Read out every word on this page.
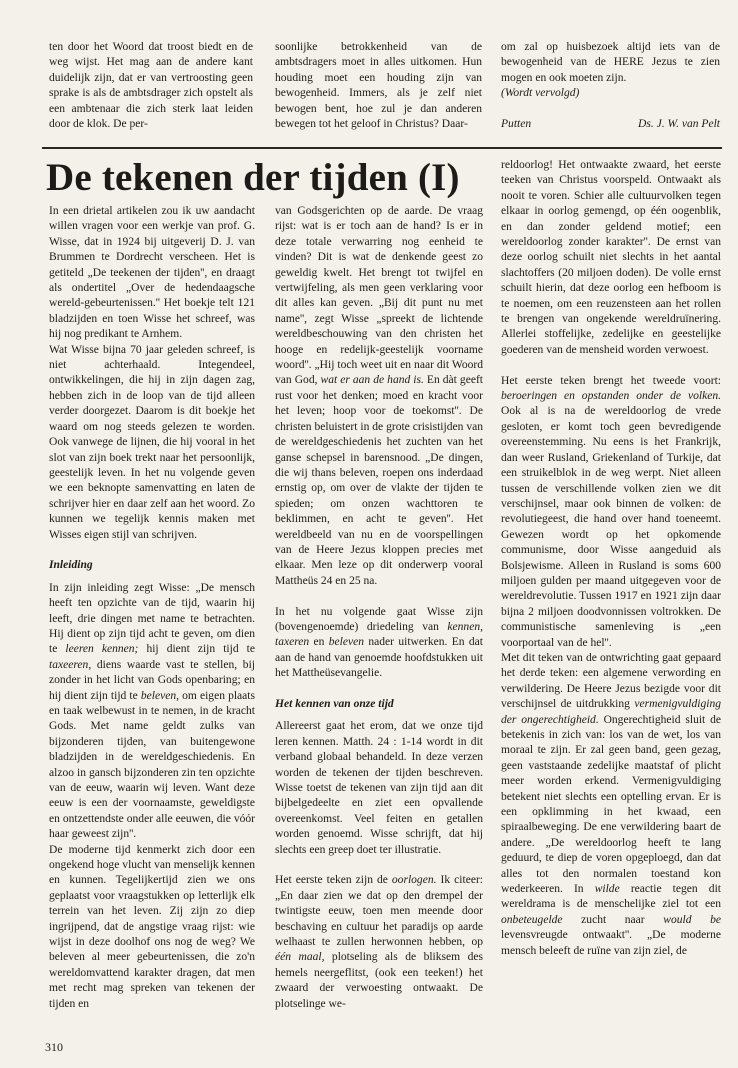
ten door het Woord dat troost biedt en de weg wijst. Het mag aan de andere kant duidelijk zijn, dat er van vertroosting geen sprake is als de ambtsdrager zich opstelt als een ambtenaar die zich sterk laat leiden door de klok. De per-

soonlijke betrokkenheid van de ambtsdragers moet in alles uitkomen. Hun houding moet een houding zijn van bewogenheid. Immers, als je zelf niet bewogen bent, hoe zul je dan anderen bewegen tot het geloof in Christus? Daar-

om zal op huisbezoek altijd iets van de bewogenheid van de HERE Jezus te zien mogen en ook moeten zijn.
(Wordt vervolgd)

Putten	Ds. J. W. van Pelt

De tekenen der tijden (I)

In een drietal artikelen zou ik uw aandacht willen vragen voor een werkje van prof. G. Wisse, dat in 1924 bij uitgeverij D. J. van Brummen te Dordrecht verscheen. Het is getiteld „De teekenen der tijden'', en draagt als ondertitel „Over de hedendaagsche wereld-gebeurtenissen.'' Het boekje telt 121 bladzijden en toen Wisse het schreef, was hij nog predikant te Arnhem.

Wat Wisse bijna 70 jaar geleden schreef, is niet achterhaald. Integendeel, ontwikkelingen, die hij in zijn dagen zag, hebben zich in de loop van de tijd alleen verder doorgezet. Daarom is dit boekje het waard om nog steeds gelezen te worden. Ook vanwege de lijnen, die hij vooral in het slot van zijn boek trekt naar het persoonlijk, geestelijk leven. In het nu volgende geven we een beknopte samenvatting en laten de schrijver hier en daar zelf aan het woord. Zo kunnen we tegelijk kennis maken met Wisses eigen stijl van schrijven.

Inleiding

In zijn inleiding zegt Wisse: „De mensch heeft ten opzichte van de tijd, waarin hij leeft, drie dingen met name te betrachten. Hij dient op zijn tijd acht te geven, om dien te leeren kennen; hij dient zijn tijd te taxeeren, diens waarde vast te stellen, bij zonder in het licht van Gods openbaring; en hij dient zijn tijd te beleven, om eigen plaats en taak welbewust in te nemen, in de kracht Gods. Met name geldt zulks van bijzonderen tijden, van buitengewone bladzijden in de wereldgeschiedenis. En alzoo in gansch bijzonderen zin ten opzichte van de eeuw, waarin wij leven. Want deze eeuw is een der voornaamste, geweldigste en ontzettendste onder alle eeuwen, die vóór haar geweest zijn''.

De moderne tijd kenmerkt zich door een ongekend hoge vlucht van menselijk kennen en kunnen. Tegelijkertijd zien we ons geplaatst voor vraagstukken op letterlijk elk terrein van het leven. Zij zijn zo diep ingrijpend, dat de angstige vraag rijst: wie wijst in deze doolhof ons nog de weg? We beleven al meer gebeurtenissen, die zo'n wereldomvattend karakter dragen, dat men met recht mag spreken van tekenen der tijden en

van Godsgerichten op de aarde. De vraag rijst: wat is er toch aan de hand? Is er in deze totale verwarring nog eenheid te vinden? Dit is wat de denkende geest zo geweldig kwelt. Het brengt tot twijfel en vertwijfeling, als men geen verklaring voor dit alles kan geven. „Bij dit punt nu met name'', zegt Wisse „spreekt de lichtende wereldbeschouwing van den christen het hooge en redelijk-geestelijk voorname woord''. „Hij toch weet uit en naar dit Woord van God, wat er aan de hand is. En dàt geeft rust voor het denken; moed en kracht voor het leven; hoop voor de toekomst''. De christen beluistert in de grote crisistijden van de wereldgeschiedenis het zuchten van het ganse schepsel in barensnood. „De dingen, die wij thans beleven, roepen ons inderdaad ernstig op, om over de vlakte der tijden te spieden; om onzen wachttoren te beklimmen, en acht te geven''. Het wereldbeeld van nu en de voorspellingen van de Heere Jezus kloppen precies met elkaar. Men leze op dit onderwerp vooral Mattheüs 24 en 25 na.

In het nu volgende gaat Wisse zijn (bovengenoemde) driedeling van kennen, taxeren en beleven nader uitwerken. En dat aan de hand van genoemde hoofdstukken uit het Mattheüsevangelie.

Het kennen van onze tijd

Allereerst gaat het erom, dat we onze tijd leren kennen. Matth. 24 : 1-14 wordt in dit verband globaal behandeld. In deze verzen worden de tekenen der tijden beschreven. Wisse toetst de tekenen van zijn tijd aan dit bijbelgedeelte en ziet een opvallende overeenkomst. Veel feiten en getallen worden genoemd. Wisse schrijft, dat hij slechts een greep doet ter illustratie.

Het eerste teken zijn de oorlogen. Ik citeer: „En daar zien we dat op den drempel der twintigste eeuw, toen men meende door beschaving en cultuur het paradijs op aarde welhaast te zullen herwonnen hebben, op één maal, plotseling als de bliksem des hemels neergeflitst, (ook een teeken!) het zwaard der verwoesting ontwaakt. De plotselinge we-

reldoorlog! Het ontwaakte zwaard, het eerste teeken van Christus voorspeld. Ontwaakt als nooit te voren. Schier alle cultuurvolken tegen elkaar in oorlog gemengd, op één oogenblik, en dan zonder geldend motief; een wereldoorlog zonder karakter''. De ernst van deze oorlog schuilt niet slechts in het aantal slachtoffers (20 miljoen doden). De volle ernst schuilt hierin, dat deze oorlog een hefboom is te noemen, om een reuzensteen aan het rollen te brengen van ongekende wereldruïnering. Allerlei stoffelijke, zedelijke en geestelijke goederen van de mensheid worden verwoest.

Het eerste teken brengt het tweede voort: beroeringen en opstanden onder de volken. Ook al is na de wereldoorlog de vrede gesloten, er komt toch geen bevredigende overeenstemming. Nu eens is het Frankrijk, dan weer Rusland, Griekenland of Turkije, dat een struikelblok in de weg werpt. Niet alleen tussen de verschillende volken zien we dit verschijnsel, maar ook binnen de volken: de revolutiegeest, die hand over hand toeneemt. Gewezen wordt op het opkomende communisme, door Wisse aangeduid als Bolsjewisme. Alleen in Rusland is soms 600 miljoen gulden per maand uitgegeven voor de wereldrevolutie. Tussen 1917 en 1921 zijn daar bijna 2 miljoen doodvonnissen voltrokken. De communistische samenleving is „een voorportaal van de hel''.

Met dit teken van de ontwrichting gaat gepaard het derde teken: een algemene verwording en verwildering. De Heere Jezus bezigde voor dit verschijnsel de uitdrukking vermenigvuldiging der ongerechtigheid. Ongerechtigheid sluit de betekenis in zich van: los van de wet, los van moraal te zijn. Er zal geen band, geen gezag, geen vaststaande zedelijke maatstaf of plicht meer worden erkend. Vermenigvuldiging betekent niet slechts een optelling ervan. Er is een opklimming in het kwaad, een spiraalbeweging. De ene verwildering baart de andere. „De wereldoorlog heeft te lang geduurd, te diep de voren opgeploegd, dan dat alles tot den normalen toestand kon wederkeeren. In wilde reactie tegen dit wereldrama is de menschelijke ziel tot een onbeteugelde zucht naar would be levensvreugde ontwaakt''. „De moderne mensch beleeft de ruïne van zijn ziel, de

310
